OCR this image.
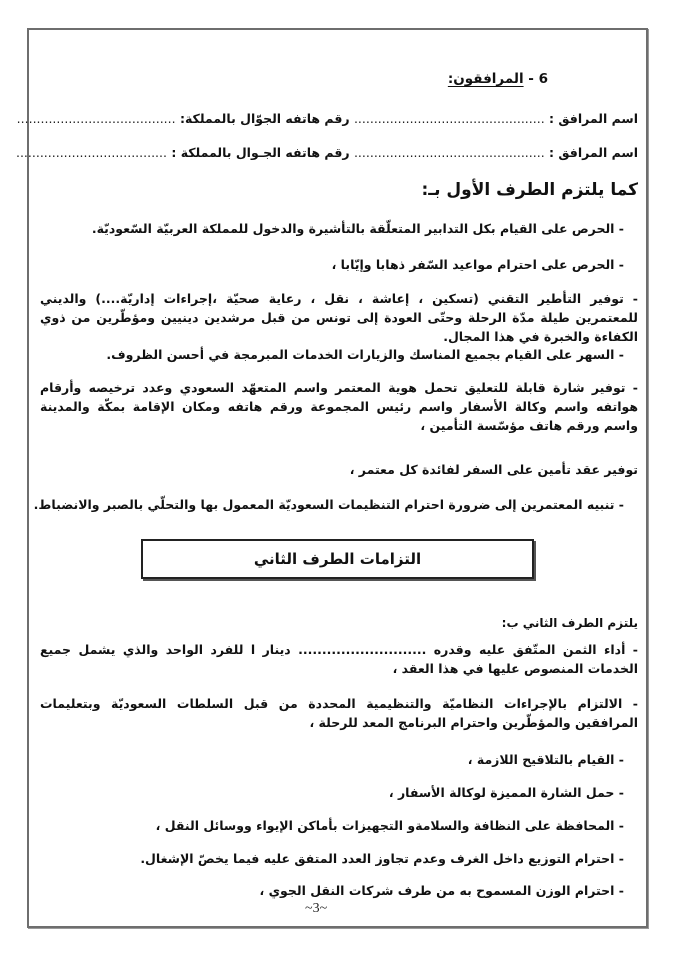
6 - المرافقون:
اسم المرافق : ................................................ رقم هاتفه الجوّال بالمملكة: ........................................
اسم المرافق : ................................................ رقم هاتفه الجـوال بالمملكة : ......................................
كما يلتزم الطرف الأول بـ:
- الحرص على القيام بكل التدابير المتعلّقة بالتأشيرة والدخول للمملكة العربيّة السّعوديّة.
- الحرص على احترام مواعيد السّفر ذهابا وإيّابا ،
- توفير التأطير التقني (تسكين ، إعاشة ، نقل ، رعاية صحيّة ،إجراءات إداريّة....) والديني للمعتمرين طيلة مدّة الرحلة وحتّى العودة إلى تونس من قبل مرشدين دينيين ومؤطّرين من ذوي الكفاءة والخبرة في هذا المجال.
- السهر على القيام بجميع المناسك والزيارات الخدمات المبرمجة في أحسن الظروف.
- توفير شارة قابلة للتعليق تحمل هوية المعتمر واسم المتعهّد السعودي وعدد ترخيصه وأرقام هواتفه واسم وكالة الأسفار واسم رئيس المجموعة ورقم هاتفه ومكان الإقامة بمكّة والمدينة واسم ورقم هاتف مؤسّسة التأمين ،
توفير عقد تأمين على السفر لفائدة كل معتمر ،
- تنبيه المعتمرين إلى ضرورة احترام التنظيمات السعوديّة المعمول بها والتحلّي بالصبر والانضباط.
يلتزم الطرف الثاني ب:
- أداء الثمن المتّفق عليه وقدره ........................... دينار ا للفرد الواحد والذي يشمل جميع الخدمات المنصوص عليها في هذا العقد ،
- الالتزام بالإجراءات النظاميّة والتنظيمية المحددة من قبل السلطات السعوديّة وبتعليمات المرافقين والمؤطّرين واحترام البرنامج المعد للرحلة ،
- القيام بالتلاقيح اللازمة ،
- حمل الشارة المميزة لوكالة الأسفار ،
- المحافظة على النظافة والسلامةو التجهيزات بأماكن الإيواء ووسائل النقل ،
- احترام التوزيع داخل الغرف وعدم تجاوز العدد المتفق عليه فيما يخصّ الإشغال.
- احترام الوزن المسموح به من طرف شركات النقل الجوي ،
التزامات الطرف الثاني
~3~
